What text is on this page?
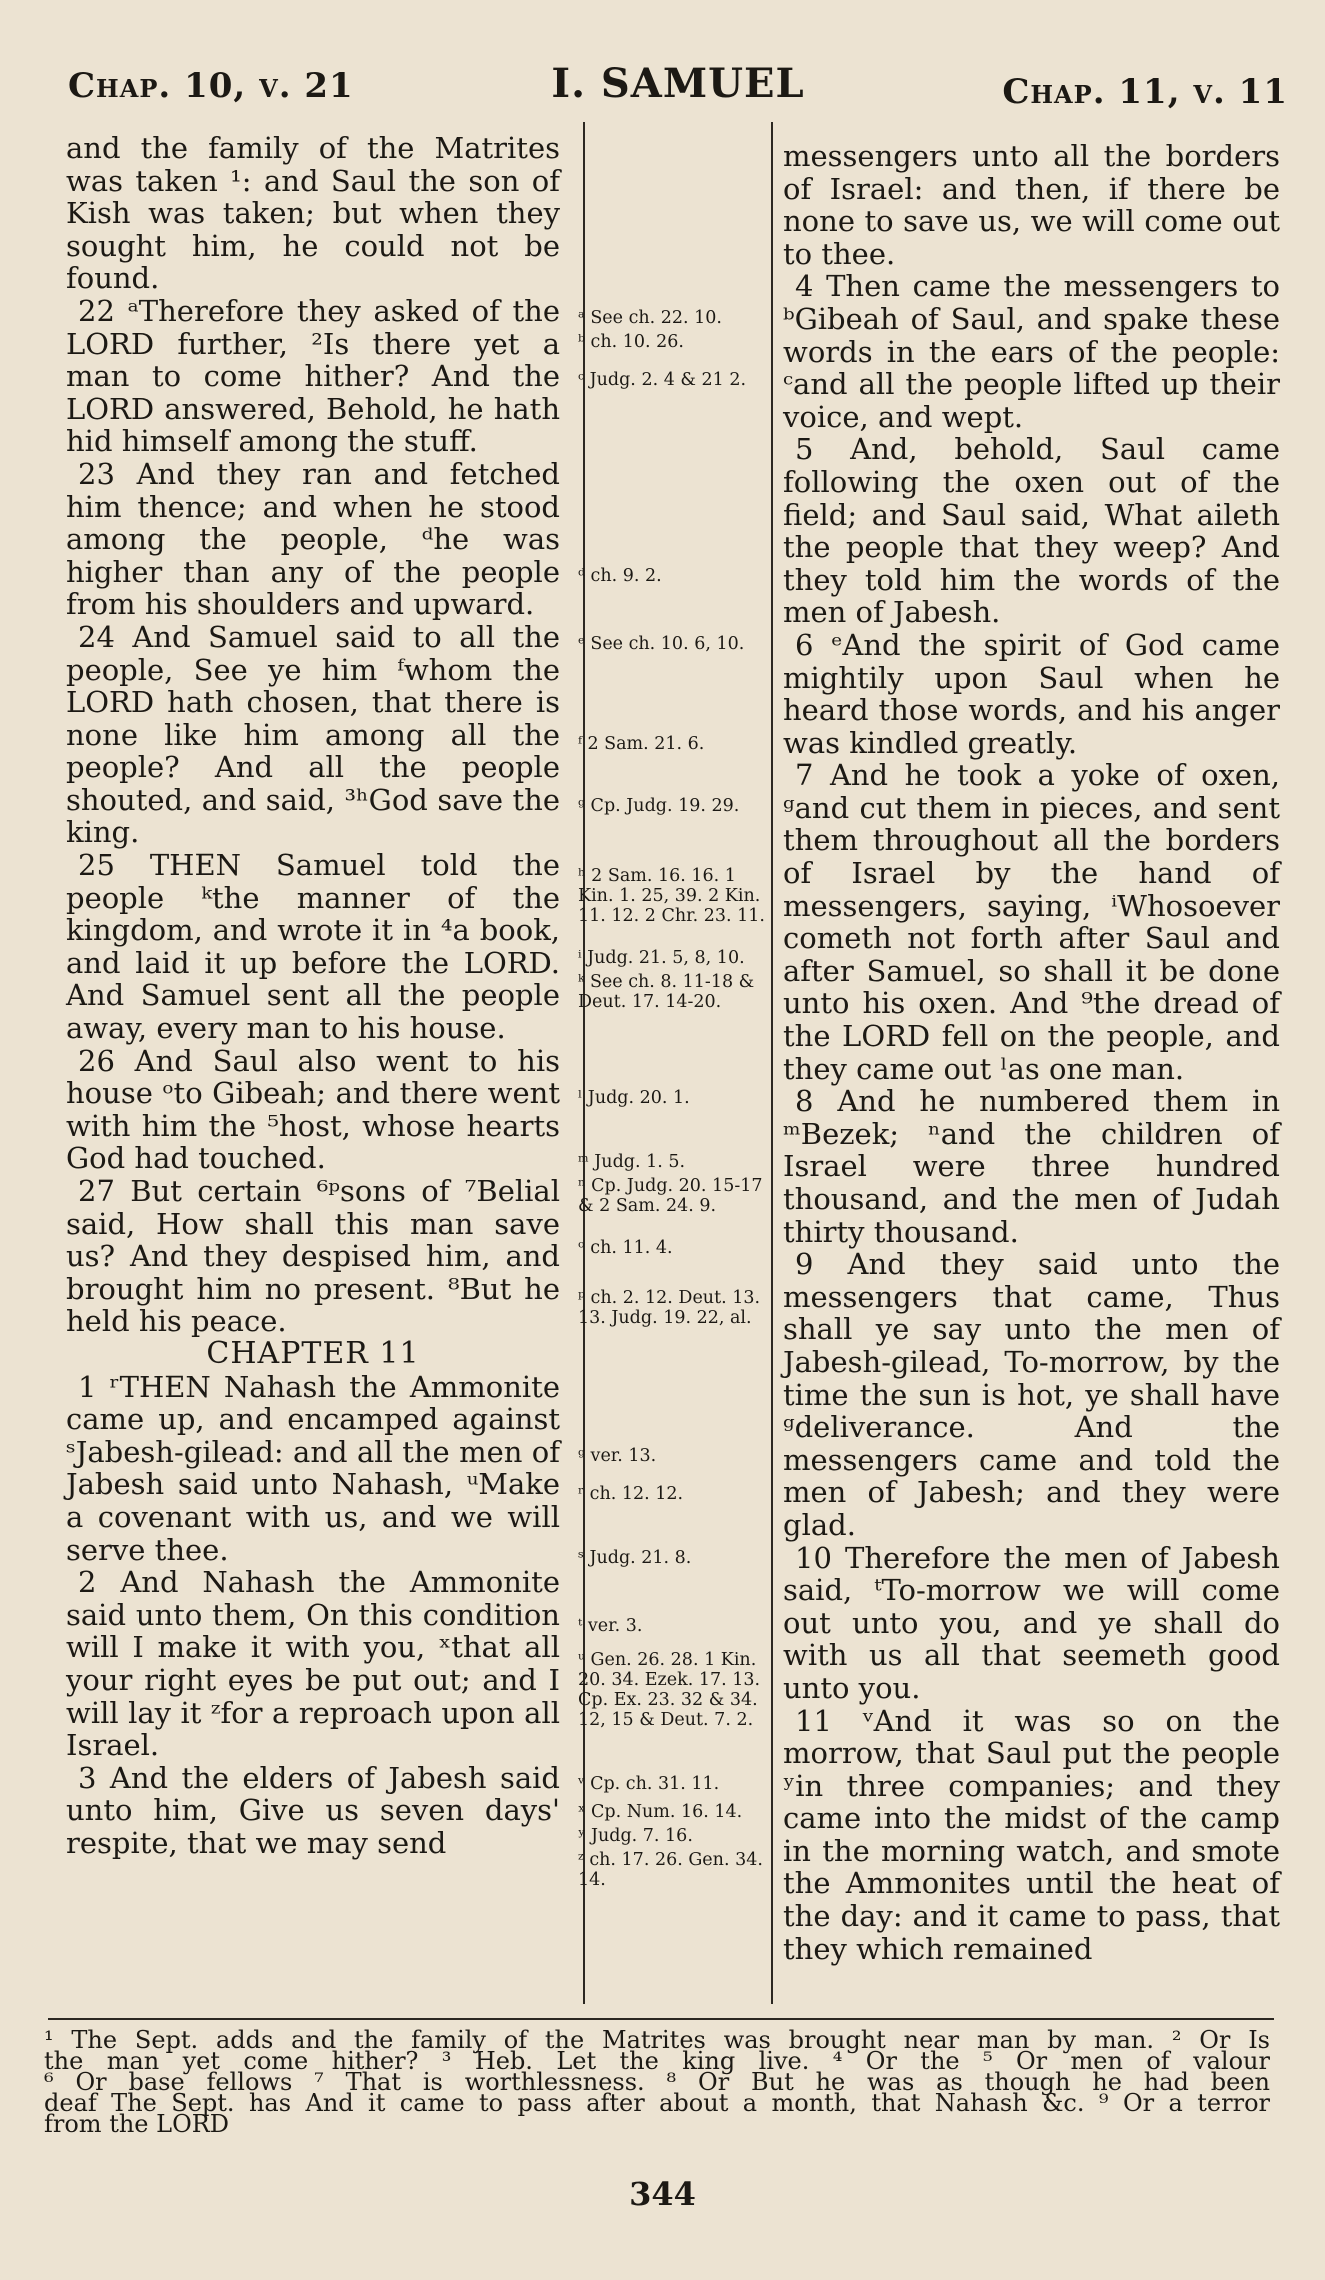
Chap. 10, v. 21	I. SAMUEL	Chap. 11, v. 11

and the family of the Matrites was taken ¹: and Saul the son of Kish was taken; but when they sought him, he could not be found.

22 ᵃTherefore they asked of the LORD further, ²Is there yet a man to come hither? And the LORD answered, Behold, he hath hid himself among the stuff.

23 And they ran and fetched him thence; and when he stood among the people, ᵈhe was higher than any of the people from his shoulders and upward.

24 And Samuel said to all the people, See ye him ᶠwhom the LORD hath chosen, that there is none like him among all the people? And all the people shouted, and said, ³ʰGod save the king.

25 THEN Samuel told the people ᵏthe manner of the kingdom, and wrote it in ⁴a book, and laid it up before the LORD. And Samuel sent all the people away, every man to his house.

26 And Saul also went to his house ᵒto Gibeah; and there went with him the ⁵host, whose hearts God had touched.

27 But certain ⁶ᵖsons of ⁷Belial said, How shall this man save us? And they despised him, and brought him no present. ⁸But he held his peace.

CHAPTER 11

1 ʳTHEN Nahash the Ammonite came up, and encamped against ˢJabesh-gilead: and all the men of Jabesh said unto Nahash, ᵘMake a covenant with us, and we will serve thee.

2 And Nahash the Ammonite said unto them, On this condition will I make it with you, ˣthat all your right eyes be put out; and I will lay it ᶻfor a reproach upon all Israel.

3 And the elders of Jabesh said unto him, Give us seven days' respite, that we may send

ᵃ See ch. 22. 10.
ᵇ ch. 10. 26.
ᶜ Judg. 2. 4 & 21 2.
ᵈ ch. 9. 2.
ᵉ See ch. 10. 6, 10.
ᶠ 2 Sam. 21. 6.
ᵍ Cp. Judg. 19. 29.
ʰ 2 Sam. 16. 16. 1 Kin. 1. 25, 39. 2 Kin. 11. 12. 2 Chr. 23. 11.
ⁱ Judg. 21. 5, 8, 10.
ᵏ See ch. 8. 11-18 & Deut. 17. 14-20.
ˡ Judg. 20. 1.
ᵐ Judg. 1. 5.
ⁿ Cp. Judg. 20. 15-17 & 2 Sam. 24. 9.
ᵒ ch. 11. 4.
ᵖ ch. 2. 12. Deut. 13. 13. Judg. 19. 22, al.
ᵍ ver. 13.
ʳ ch. 12. 12.
ˢ Judg. 21. 8.
ᵗ ver. 3.
ᵘ Gen. 26. 28. 1 Kin. 20. 34. Ezek. 17. 13. Cp. Ex. 23. 32 & 34. 12, 15 & Deut. 7. 2.
ᵛ Cp. ch. 31. 11.
ˣ Cp. Num. 16. 14.
ʸ Judg. 7. 16.
ᶻ ch. 17. 26. Gen. 34. 14.

messengers unto all the borders of Israel: and then, if there be none to save us, we will come out to thee.

4 Then came the messengers to ᵇGibeah of Saul, and spake these words in the ears of the people: ᶜand all the people lifted up their voice, and wept.

5 And, behold, Saul came following the oxen out of the field; and Saul said, What aileth the people that they weep? And they told him the words of the men of Jabesh.

6 ᵉAnd the spirit of God came mightily upon Saul when he heard those words, and his anger was kindled greatly.

7 And he took a yoke of oxen, ᵍand cut them in pieces, and sent them throughout all the borders of Israel by the hand of messengers, saying, ⁱWhosoever cometh not forth after Saul and after Samuel, so shall it be done unto his oxen. And ⁹the dread of the LORD fell on the people, and they came out ˡas one man.

8 And he numbered them in ᵐBezek; ⁿand the children of Israel were three hundred thousand, and the men of Judah thirty thousand.

9 And they said unto the messengers that came, Thus shall ye say unto the men of Jabesh-gilead, To-morrow, by the time the sun is hot, ye shall have ᵍdeliverance. And the messengers came and told the men of Jabesh; and they were glad.

10 Therefore the men of Jabesh said, ᵗTo-morrow we will come out unto you, and ye shall do with us all that seemeth good unto you.

11 ᵛAnd it was so on the morrow, that Saul put the people ʸin three companies; and they came into the midst of the camp in the morning watch, and smote the Ammonites until the heat of the day: and it came to pass, that they which remained

¹ The Sept. adds and the family of the Matrites was brought near man by man. ² Or Is

the man yet come hither? ³ Heb. Let the king live. ⁴ Or the ⁵ Or men of valour

⁶ Or base fellows ⁷ That is worthlessness. ⁸ Or But he was as though he had been

deaf The Sept. has And it came to pass after about a month, that Nahash &c. ⁹ Or a terror

from the LORD

344
